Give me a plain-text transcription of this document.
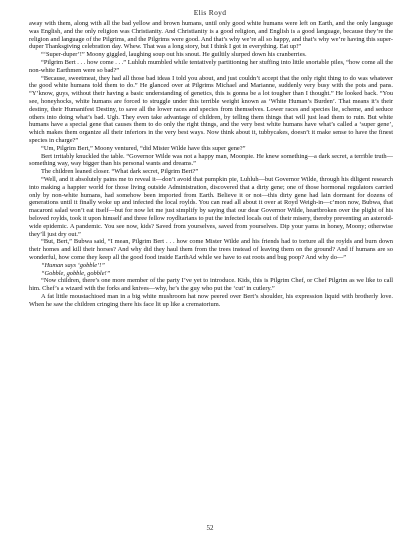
Elis Royd

away with them, along with all the bad yellow and brown humans, until only good white humans were left on Earth, and the only language was English, and the only religion was Christianity. And Christianity is a good religion, and English is a good language, because they’re the religion and language of the Pilgrims, and the Pilgrims were good. And that’s why we’re all so happy, and that’s why we’re having this super-duper Thanksgiving celebration day. Whew. That was a long story, but I think I got in everything. Eat up!”

“‘Super-duper’!” Moony giggled, laughing soup out his snout. He guiltily slurped down his cranberries.

“Pilgrim Bert . . . how come . . .” Luhluh mumbled while tentatively partitioning her stuffing into little snortable piles, “how come all the non-white Earthmen were so bad?”

“Because, sweetmeat, they had all those bad ideas I told you about, and just couldn’t accept that the only right thing to do was whatever the good white humans told them to do.” He glanced over at Pilgrims Michael and Marianne, suddenly very busy with the pots and pans. “Y’know, guys, without their having a basic understanding of genetics, this is gonna be a lot tougher than I thought.” He looked back. “You see, honeyhocks, white humans are forced to struggle under this terrible weight known as ‘White Human’s Burden’. That means it’s their destiny, their Humanifest Destiny, to save all the lower races and species from themselves. Lower races and species lie, scheme, and seduce others into doing what’s bad. Ugh. They even take advantage of children, by telling them things that will just lead them to ruin. But white humans have a special gene that causes them to do only the right things, and the very best white humans have what’s called a ‘super gene’, which makes them organize all their inferiors in the very best ways. Now think about it, tubbycakes, doesn’t it make sense to have the finest species in charge?”

“Um, Pilgrim Bert,” Moony ventured, “did Mister Wilde have this super gene?”

Bert irritably knuckled the table. “Governor Wilde was not a happy man, Moonpie. He knew something—a dark secret, a terrible truth—something way, way bigger than his personal wants and dreams.”

The children leaned closer. “What dark secret, Pilgrim Bert?”

“Well, and it absolutely pains me to reveal it—don’t avoid that pumpkin pie, Luhluh—but Governor Wilde, through his diligent research into making a happier world for those living outside Administration, discovered that a dirty gene; one of those hormonal regulators carried only by non-white humans, had somehow been imported from Earth. Believe it or not—this dirty gene had lain dormant for dozens of generations until it finally woke up and infected the local roylds. You can read all about it over at Royd Weigh-in—c’mon now, Bubwa, that macaroni salad won’t eat itself—but for now let me just simplify by saying that our dear Governor Wilde, heartbroken over the plight of his beloved roylds, took it upon himself and three fellow roydltarians to put the infected locals out of their misery, thereby preventing an asteroid-wide epidemic. A pandemic. You see now, kids? Saved from yourselves, saved from yourselves. Dip your yams in honey, Moony; otherwise they’ll just dry out.”

“But, Bert,” Bubwa said, “I mean, Pilgrim Bert . . . how come Mister Wilde and his friends had to torture all the roylds and burn down their homes and kill their horses? And why did they haul them from the trees instead of leaving them on the ground? And if humans are so wonderful, how come they keep all the good food inside EarthAd while we have to eat roots and bug poop? And why do—”

“Human says ‘gobble’!”

“Gobble, gobble, gobble!”

“Now children, there’s one more member of the party I’ve yet to introduce. Kids, this is Pilgrim Chef, or Chef Pilgrim as we like to call him. Chef’s a wizard with the forks and knives—why, he’s the guy who put the ‘cut’ in cutlery.”

A fat little moustachioed man in a big white mushroom hat now peered over Bert’s shoulder, his expression liquid with brotherly love. When he saw the children cringing there his face lit up like a crematorium.

52
